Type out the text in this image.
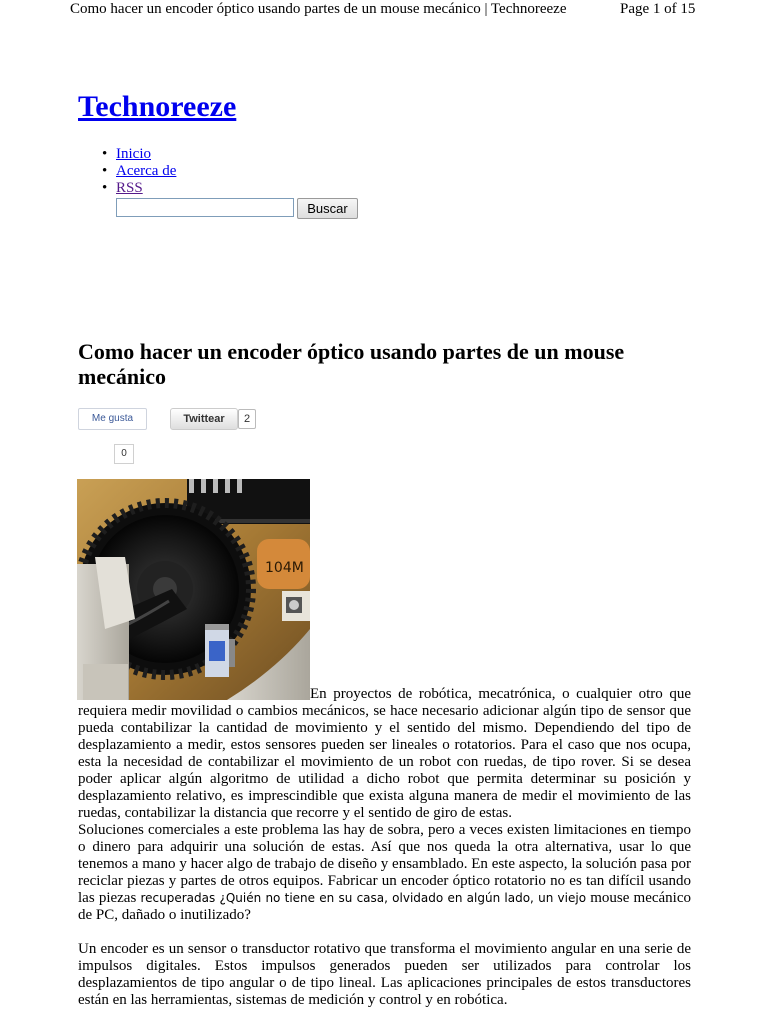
Como hacer un encoder óptico usando partes de un mouse mecánico | Technoreeze	Page 1 of 15
Technoreeze
• Inicio
• Acerca de
• RSS
Buscar
Como hacer un encoder óptico usando partes de un mouse mecánico
Me gusta	Twittear	2
0
104M

En proyectos de robótica, mecatrónica, o cualquier otro que requiera medir movilidad o cambios mecánicos, se hace necesario adicionar algún tipo de sensor que pueda contabilizar la cantidad de movimiento y el sentido del mismo. Dependiendo del tipo de desplazamiento a medir, estos sensores pueden ser lineales o rotatorios. Para el caso que nos ocupa, esta la necesidad de contabilizar el movimiento de un robot con ruedas, de tipo rover. Si se desea poder aplicar algún algoritmo de utilidad a dicho robot que permita determinar su posición y desplazamiento relativo, es imprescindible que exista alguna manera de medir el movimiento de las ruedas, contabilizar la distancia que recorre y el sentido de giro de estas.

Soluciones comerciales a este problema las hay de sobra, pero a veces existen limitaciones en tiempo o dinero para adquirir una solución de estas. Así que nos queda la otra alternativa, usar lo que tenemos a mano y hacer algo de trabajo de diseño y ensamblado. En este aspecto, la solución pasa por reciclar piezas y partes de otros equipos. Fabricar un encoder óptico rotatorio no es tan difícil usando las piezas recuperadas ¿Quién no tiene en su casa, olvidado en algún lado, un viejo mouse mecánico de PC, dañado o inutilizado?

Un encoder es un sensor o transductor rotativo que transforma el movimiento angular en una serie de impulsos digitales. Estos impulsos generados pueden ser utilizados para controlar los desplazamientos de tipo angular o de tipo lineal. Las aplicaciones principales de estos transductores están en las herramientas, sistemas de medición y control y en robótica.
